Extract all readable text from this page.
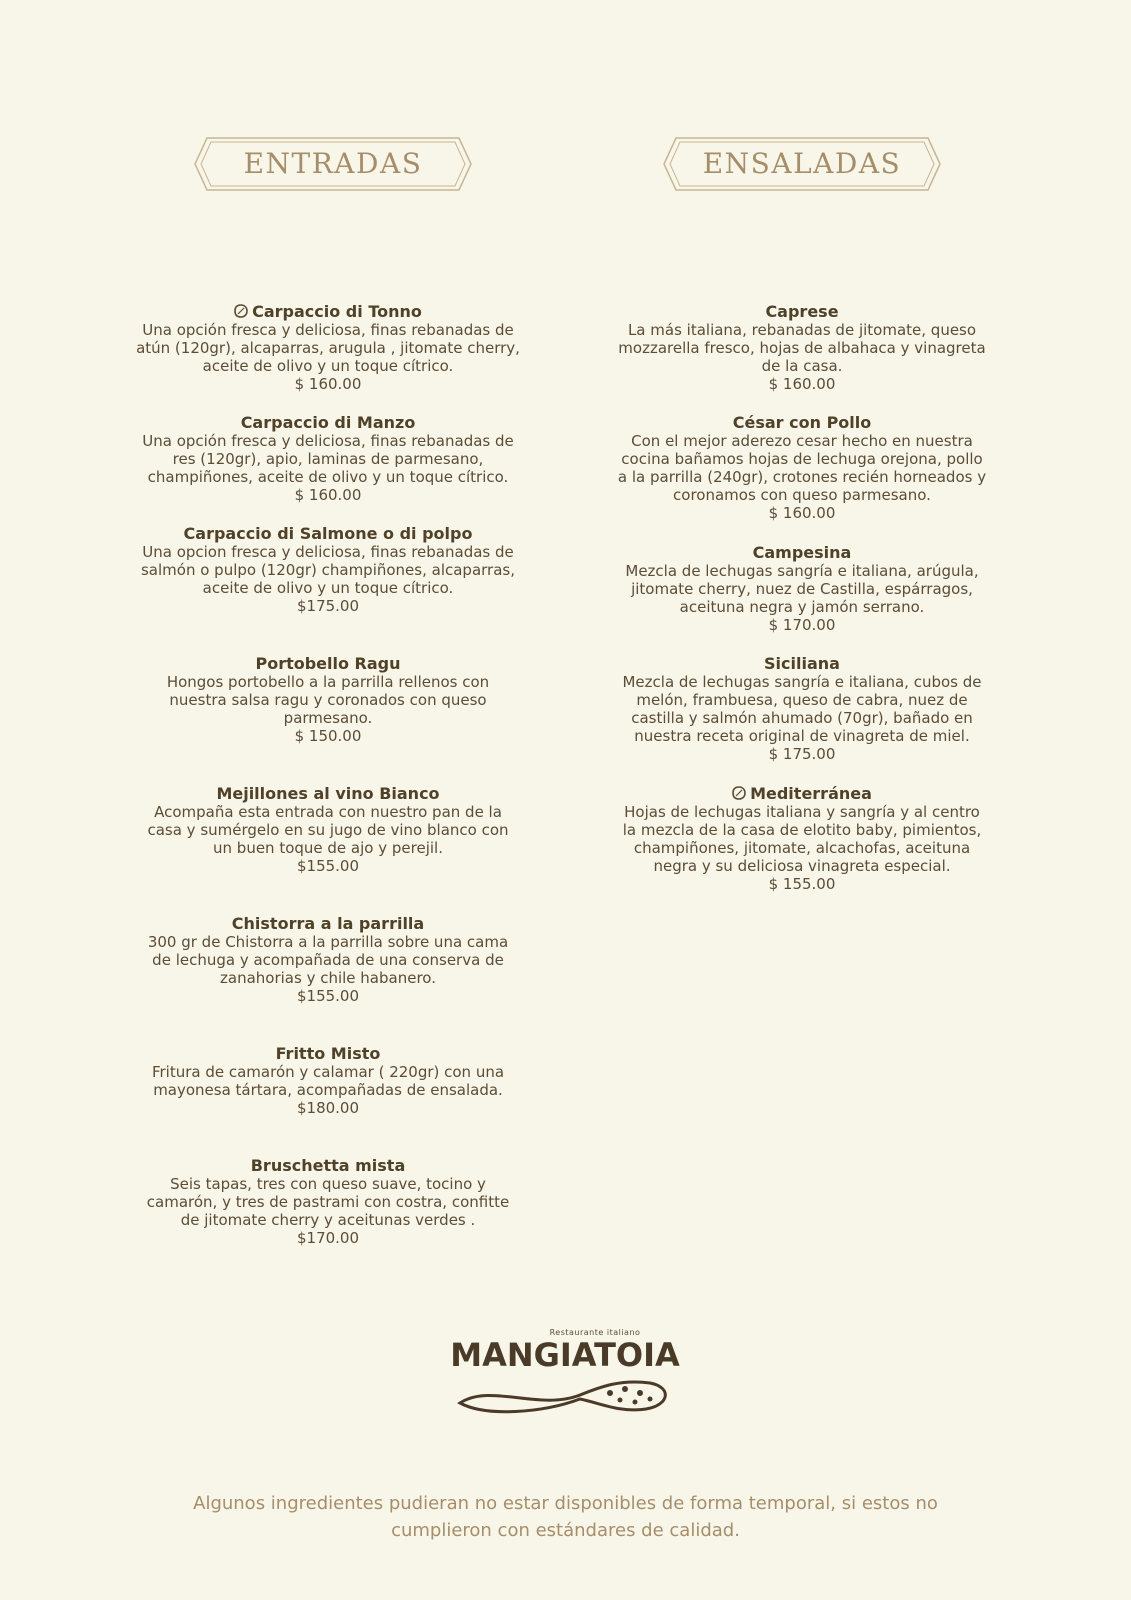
ENTRADAS	ENSALADAS
Carpaccio di Tonno
Una opción fresca y deliciosa, finas rebanadas de
atún (120gr), alcaparras, arugula , jitomate cherry,
aceite de olivo y un toque cítrico.
$ 160.00
Carpaccio di Manzo
Una opción fresca y deliciosa, finas rebanadas de
res (120gr), apio, laminas de parmesano,
champiñones, aceite de olivo y un toque cítrico.
$ 160.00
Carpaccio di Salmone o di polpo
Una opcion fresca y deliciosa, finas rebanadas de
salmón o pulpo (120gr) champiñones, alcaparras,
aceite de olivo y un toque cítrico.
$175.00
Portobello Ragu
Hongos portobello a la parrilla rellenos con
nuestra salsa ragu y coronados con queso
parmesano.
$ 150.00
Mejillones al vino Bianco
Acompaña esta entrada con nuestro pan de la
casa y sumérgelo en su jugo de vino blanco con
un buen toque de ajo y perejil.
$155.00
Chistorra a la parrilla
300 gr de Chistorra a la parrilla sobre una cama
de lechuga y acompañada de una conserva de
zanahorias y chile habanero.
$155.00
Fritto Misto
Fritura de camarón y calamar ( 220gr) con una
mayonesa tártara, acompañadas de ensalada.
$180.00
Bruschetta mista
Seis tapas, tres con queso suave, tocino y
camarón, y tres de pastrami con costra, confitte
de jitomate cherry y aceitunas verdes .
$170.00
Caprese
La más italiana, rebanadas de jitomate, queso
mozzarella fresco, hojas de albahaca y vinagreta
de la casa.
$ 160.00
César con Pollo
Con el mejor aderezo cesar hecho en nuestra
cocina bañamos hojas de lechuga orejona, pollo
a la parrilla (240gr), crotones recién horneados y
coronamos con queso parmesano.
$ 160.00
Campesina
Mezcla de lechugas sangría e italiana, arúgula,
jitomate cherry, nuez de Castilla, espárragos,
aceituna negra y jamón serrano.
$ 170.00
Siciliana
Mezcla de lechugas sangría e italiana, cubos de
melón, frambuesa, queso de cabra, nuez de
castilla y salmón ahumado (70gr), bañado en
nuestra receta original de vinagreta de miel.
$ 175.00
Mediterránea
Hojas de lechugas italiana y sangría y al centro
la mezcla de la casa de elotito baby, pimientos,
champiñones, jitomate, alcachofas, aceituna
negra y su deliciosa vinagreta especial.
$ 155.00
Restaurante italiano
MANGIATOIA
Algunos ingredientes pudieran no estar disponibles de forma temporal, si estos no
cumplieron con estándares de calidad.
